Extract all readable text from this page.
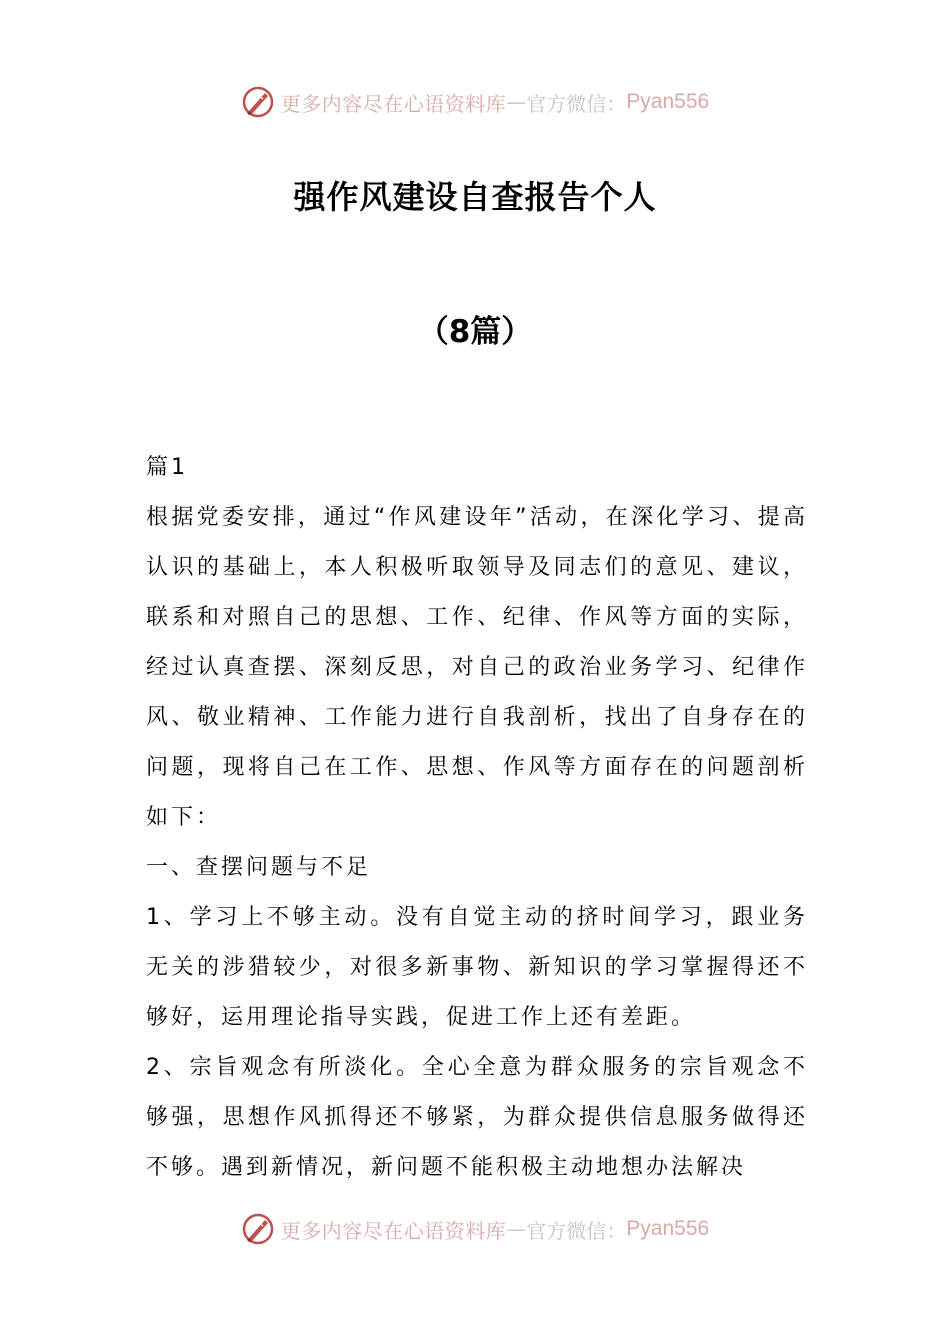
更多内容尽在心语资料库 — 官方微信： Pyan556
强作风建设自查报告个人
（8篇）

篇1

根据党委安排，通过“作风建设年”活动，在深化学习、提高认识的基础上，本人积极听取领导及同志们的意见、建议，联系和对照自己的思想、工作、纪律、作风等方面的实际，经过认真查摆、深刻反思，对自己的政治业务学习、纪律作风、敬业精神、工作能力进行自我剖析，找出了自身存在的问题，现将自己在工作、思想、作风等方面存在的问题剖析如下：

一、查摆问题与不足

1、学习上不够主动。没有自觉主动的挤时间学习，跟业务无关的涉猎较少，对很多新事物、新知识的学习掌握得还不够好，运用理论指导实践，促进工作上还有差距。

2、宗旨观念有所淡化。全心全意为群众服务的宗旨观念不够强，思想作风抓得还不够紧，为群众提供信息服务做得还不够。遇到新情况，新问题不能积极主动地想办法解决

更多内容尽在心语资料库 — 官方微信： Pyan556
